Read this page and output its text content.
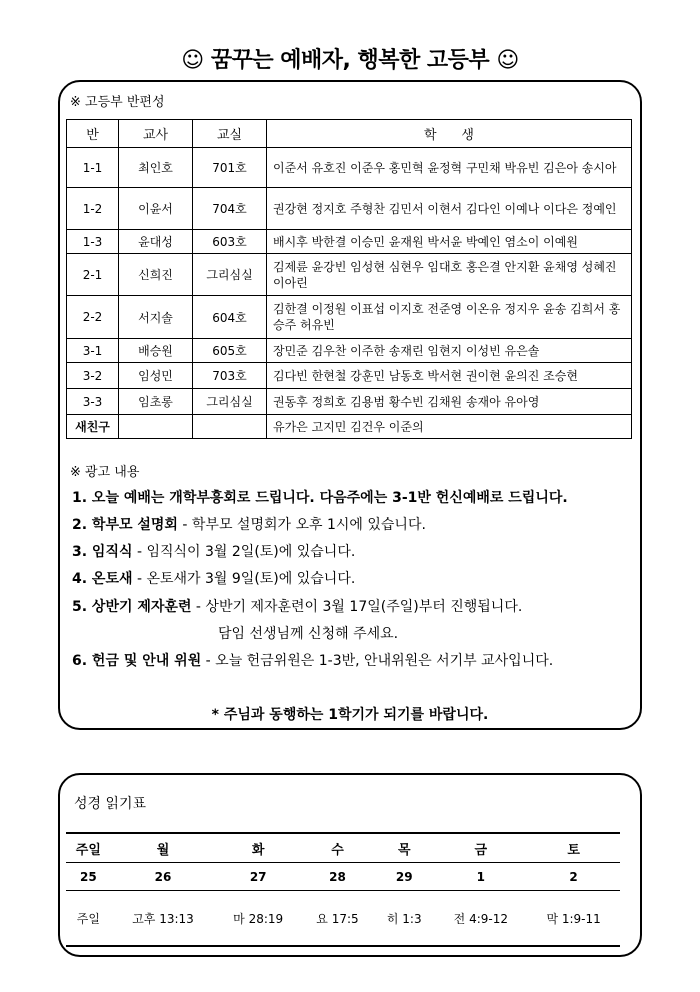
☺ 꿈꾸는 예배자, 행복한 고등부 ☺
※ 고등부 반편성
반	교사	교실	학      생
1-1	최인호	701호	이준서 유호진 이준우 홍민혁 윤정혁 구민채 박유빈 김은아 송시아
1-2	이윤서	704호	권강현 정지호 주형찬 김민서 이현서 김다인 이예나 이다은 정예인
1-3	윤대성	603호	배시후 박한결 이승민 윤재원 박서윤 박예인 염소이 이예원
2-1	신희진	그리심실	김제륜 윤강빈 임성현 심현우 임대호 홍은결 안지환 윤채영 성혜진 이아린
2-2	서지솔	604호	김한결 이정원 이표섭 이지호 전준영 이온유 정지우 윤송 김희서 홍승주 허유빈
3-1	배승원	605호	장민준 김우찬 이주한 송재린 임현지 이성빈 유은솔
3-2	임성민	703호	김다빈 한현철 강훈민 남동호 박서현 권이현 윤의진 조승현
3-3	임초롱	그리심실	권동후 정희호 김용범 황수빈 김채원 송재아 유아영
새친구			유가은 고지민 김건우 이준의
※ 광고 내용
1. 오늘 예배는 개학부흥회로 드립니다. 다음주에는 3-1반 헌신예배로 드립니다.
2. 학부모 설명회 - 학부모 설명회가 오후 1시에 있습니다.
3. 임직식 - 임직식이 3월 2일(토)에 있습니다.
4. 온토새 - 온토새가 3월 9일(토)에 있습니다.
5. 상반기 제자훈련 - 상반기 제자훈련이 3월 17일(주일)부터 진행됩니다.
담임 선생님께 신청해 주세요.
6. 헌금 및 안내 위원 - 오늘 헌금위원은 1-3반, 안내위원은 서기부 교사입니다.
* 주님과 동행하는 1학기가 되기를 바랍니다.
성경 읽기표
주일	월	화	수	목	금	토
25	26	27	28	29	1	2
주일	고후 13:13	마 28:19	요 17:5	히 1:3	전 4:9-12	막 1:9-11
